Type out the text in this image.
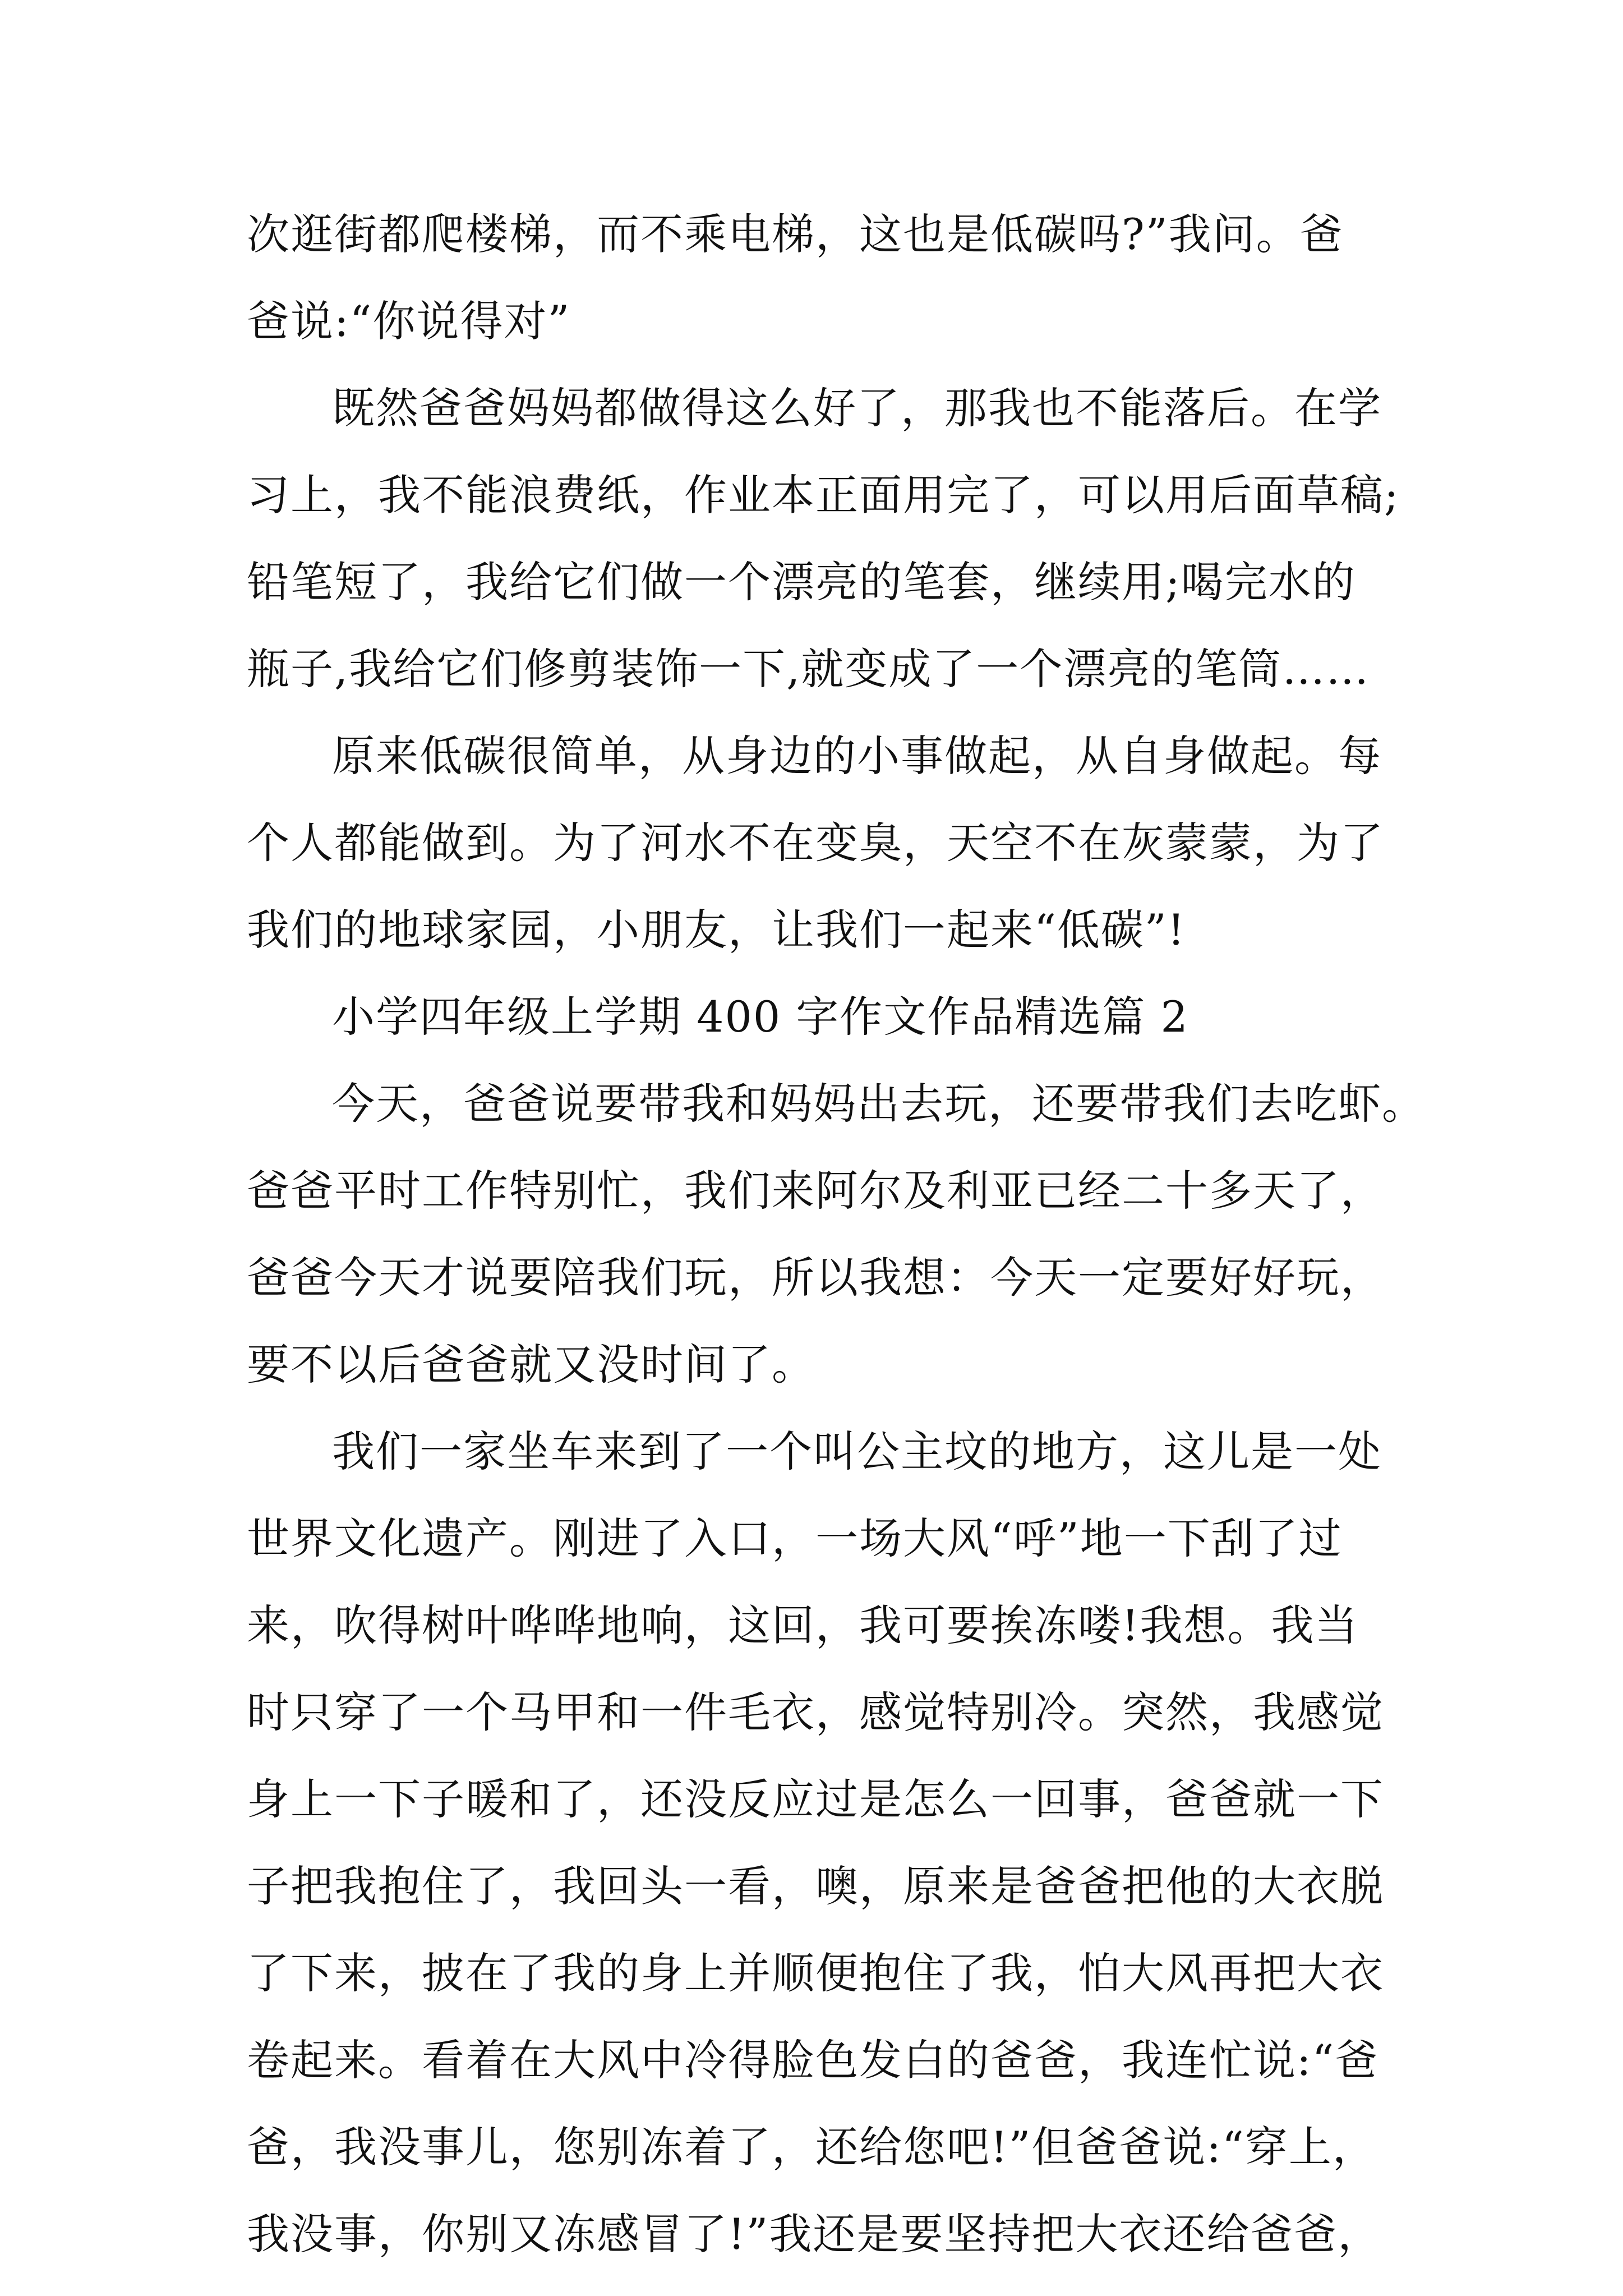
次逛街都爬楼梯，而不乘电梯，这也是低碳吗?”我问。爸
爸说:“你说得对”
既然爸爸妈妈都做得这么好了，那我也不能落后。在学
习上，我不能浪费纸，作业本正面用完了，可以用后面草稿;
铅笔短了，我给它们做一个漂亮的笔套，继续用;喝完水的
瓶子,我给它们修剪装饰一下,就变成了一个漂亮的笔筒……
原来低碳很简单，从身边的小事做起，从自身做起。每
个人都能做到。为了河水不在变臭，天空不在灰蒙蒙，为了
我们的地球家园，小朋友，让我们一起来“低碳”!
小学四年级上学期 400 字作文作品精选篇 2
今天，爸爸说要带我和妈妈出去玩，还要带我们去吃虾。
爸爸平时工作特别忙，我们来阿尔及利亚已经二十多天了，
爸爸今天才说要陪我们玩，所以我想：今天一定要好好玩，
要不以后爸爸就又没时间了。
我们一家坐车来到了一个叫公主坟的地方，这儿是一处
世界文化遗产。刚进了入口，一场大风“呼”地一下刮了过
来，吹得树叶哗哗地响，这回，我可要挨冻喽!我想。我当
时只穿了一个马甲和一件毛衣，感觉特别冷。突然，我感觉
身上一下子暖和了，还没反应过是怎么一回事，爸爸就一下
子把我抱住了，我回头一看，噢，原来是爸爸把他的大衣脱
了下来，披在了我的身上并顺便抱住了我，怕大风再把大衣
卷起来。看着在大风中冷得脸色发白的爸爸，我连忙说:“爸
爸，我没事儿，您别冻着了，还给您吧!”但爸爸说:“穿上，
我没事，你别又冻感冒了!”我还是要坚持把大衣还给爸爸，
